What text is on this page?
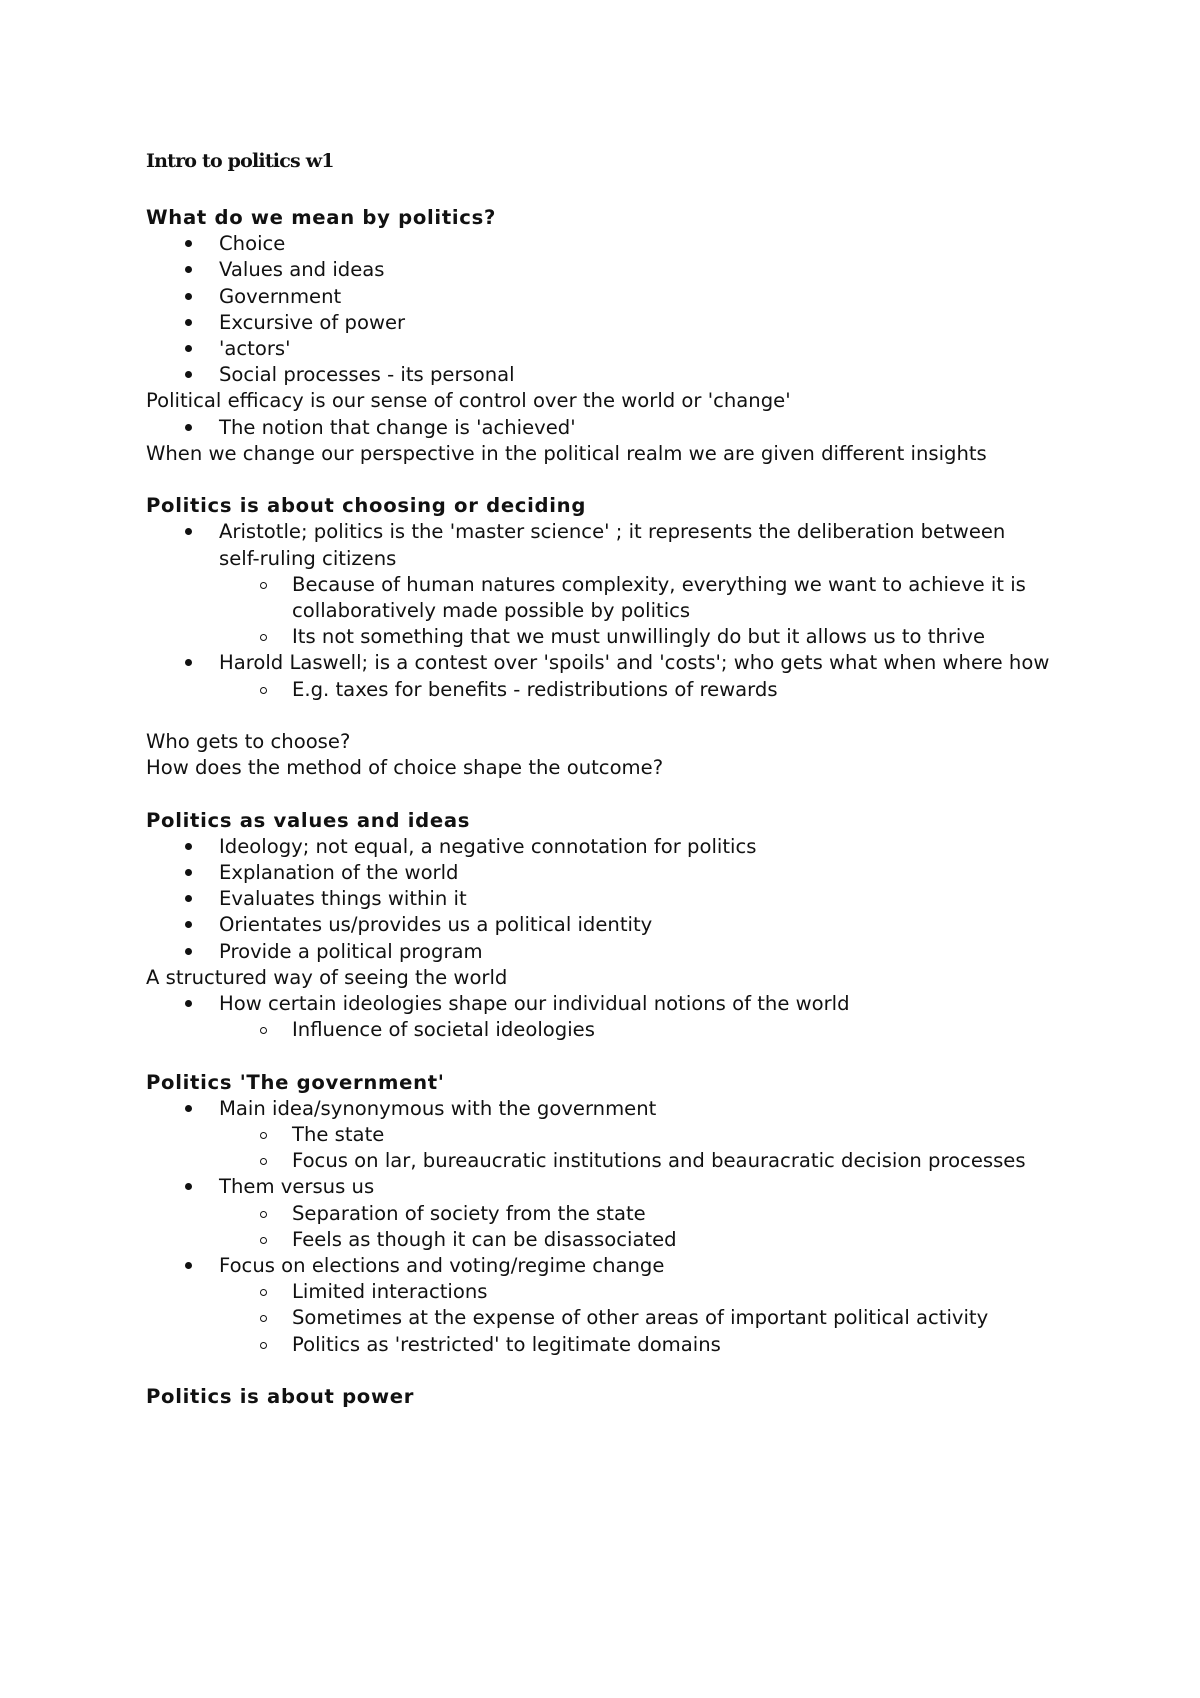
Intro to politics w1
What do we mean by politics?
Choice
Values and ideas
Government
Excursive of power
'actors'
Social processes - its personal
Political efficacy is our sense of control over the world or 'change'
The notion that change is 'achieved'
When we change our perspective in the political realm we are given different insights
Politics is about choosing or deciding
Aristotle; politics is the 'master science' ; it represents the deliberation between self-ruling citizens
Because of human natures complexity, everything we want to achieve it is collaboratively made possible by politics
Its not something that we must unwillingly do but it allows us to thrive
Harold Laswell; is a contest over 'spoils' and 'costs'; who gets what when where how
E.g. taxes for benefits - redistributions of rewards
Who gets to choose?
How does the method of choice shape the outcome?
Politics as values and ideas
Ideology; not equal, a negative connotation for politics
Explanation of the world
Evaluates things within it
Orientates us/provides us a political identity
Provide a political program
A structured way of seeing the world
How certain ideologies shape our individual notions of the world
Influence of societal ideologies
Politics 'The government'
Main idea/synonymous with the government
The state
Focus on lar, bureaucratic institutions and beauracratic decision processes
Them versus us
Separation of society from the state
Feels as though it can be disassociated
Focus on elections and voting/regime change
Limited interactions
Sometimes at the expense of other areas of important political activity
Politics as 'restricted' to legitimate domains
Politics is about power
